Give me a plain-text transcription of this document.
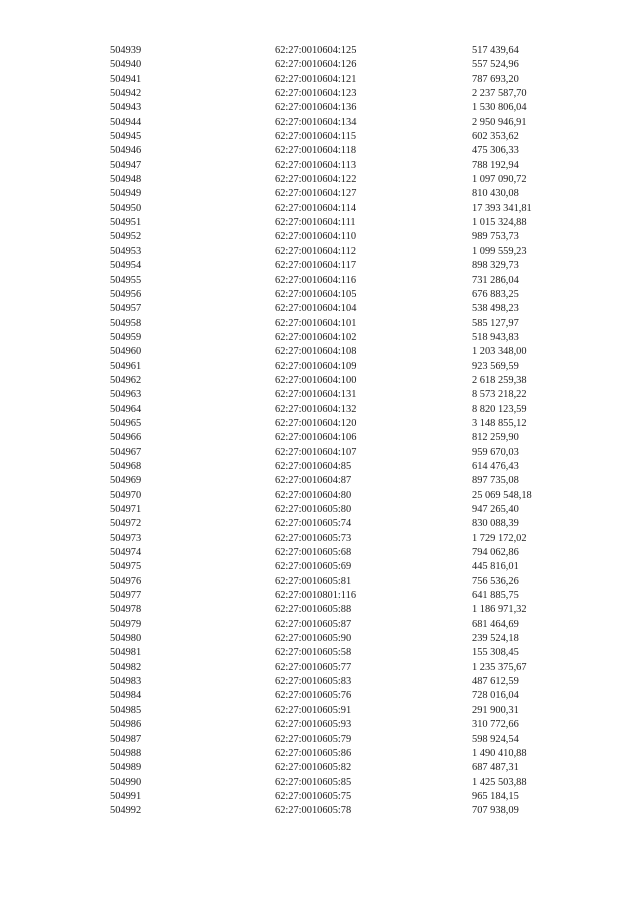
504939	62:27:0010604:125	517 439,64
504940	62:27:0010604:126	557 524,96
504941	62:27:0010604:121	787 693,20
504942	62:27:0010604:123	2 237 587,70
504943	62:27:0010604:136	1 530 806,04
504944	62:27:0010604:134	2 950 946,91
504945	62:27:0010604:115	602 353,62
504946	62:27:0010604:118	475 306,33
504947	62:27:0010604:113	788 192,94
504948	62:27:0010604:122	1 097 090,72
504949	62:27:0010604:127	810 430,08
504950	62:27:0010604:114	17 393 341,81
504951	62:27:0010604:111	1 015 324,88
504952	62:27:0010604:110	989 753,73
504953	62:27:0010604:112	1 099 559,23
504954	62:27:0010604:117	898 329,73
504955	62:27:0010604:116	731 286,04
504956	62:27:0010604:105	676 883,25
504957	62:27:0010604:104	538 498,23
504958	62:27:0010604:101	585 127,97
504959	62:27:0010604:102	518 943,83
504960	62:27:0010604:108	1 203 348,00
504961	62:27:0010604:109	923 569,59
504962	62:27:0010604:100	2 618 259,38
504963	62:27:0010604:131	8 573 218,22
504964	62:27:0010604:132	8 820 123,59
504965	62:27:0010604:120	3 148 855,12
504966	62:27:0010604:106	812 259,90
504967	62:27:0010604:107	959 670,03
504968	62:27:0010604:85	614 476,43
504969	62:27:0010604:87	897 735,08
504970	62:27:0010604:80	25 069 548,18
504971	62:27:0010605:80	947 265,40
504972	62:27:0010605:74	830 088,39
504973	62:27:0010605:73	1 729 172,02
504974	62:27:0010605:68	794 062,86
504975	62:27:0010605:69	445 816,01
504976	62:27:0010605:81	756 536,26
504977	62:27:0010801:116	641 885,75
504978	62:27:0010605:88	1 186 971,32
504979	62:27:0010605:87	681 464,69
504980	62:27:0010605:90	239 524,18
504981	62:27:0010605:58	155 308,45
504982	62:27:0010605:77	1 235 375,67
504983	62:27:0010605:83	487 612,59
504984	62:27:0010605:76	728 016,04
504985	62:27:0010605:91	291 900,31
504986	62:27:0010605:93	310 772,66
504987	62:27:0010605:79	598 924,54
504988	62:27:0010605:86	1 490 410,88
504989	62:27:0010605:82	687 487,31
504990	62:27:0010605:85	1 425 503,88
504991	62:27:0010605:75	965 184,15
504992	62:27:0010605:78	707 938,09
